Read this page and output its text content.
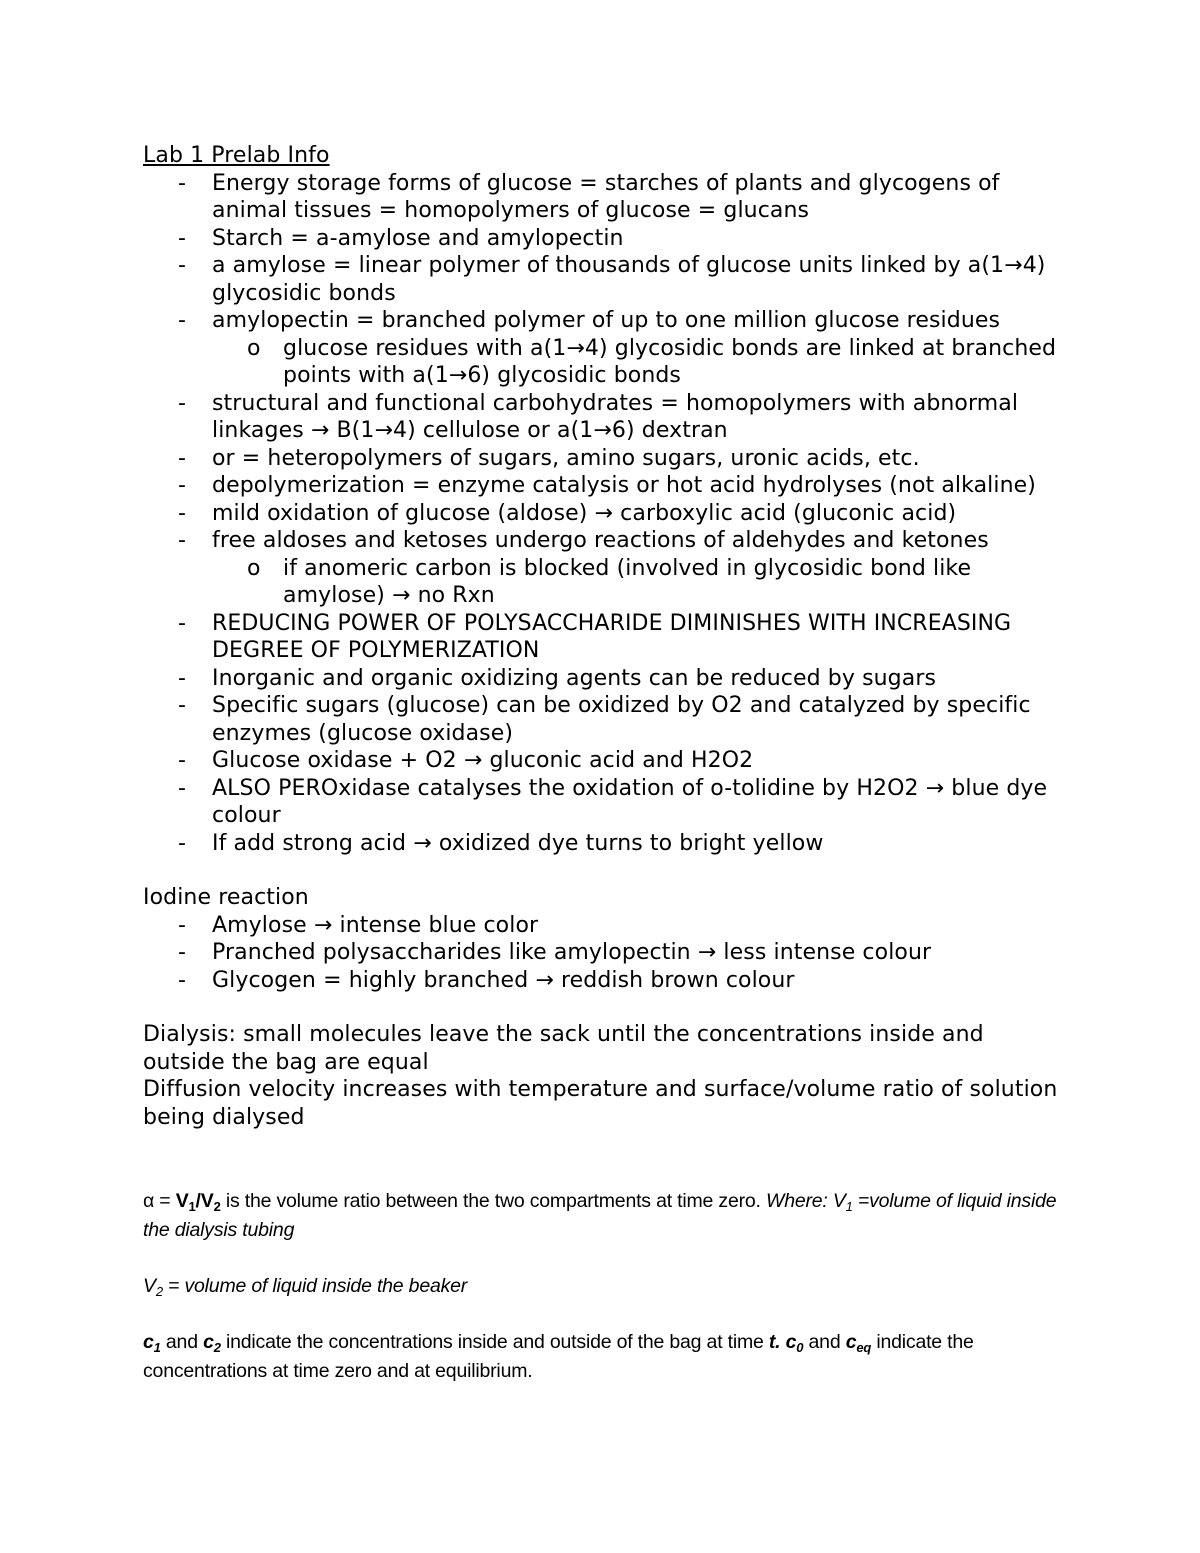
Lab 1 Prelab Info

- Energy storage forms of glucose = starches of plants and glycogens of animal tissues = homopolymers of glucose = glucans
- Starch = a-amylose and amylopectin
- a amylose = linear polymer of thousands of glucose units linked by a(1→4) glycosidic bonds
- amylopectin = branched polymer of up to one million glucose residues
o glucose residues with a(1→4) glycosidic bonds are linked at branched points with a(1→6) glycosidic bonds
- structural and functional carbohydrates = homopolymers with abnormal linkages → B(1→4) cellulose or a(1→6) dextran
- or = heteropolymers of sugars, amino sugars, uronic acids, etc.
- depolymerization = enzyme catalysis or hot acid hydrolyses (not alkaline)
- mild oxidation of glucose (aldose) → carboxylic acid (gluconic acid)
- free aldoses and ketoses undergo reactions of aldehydes and ketones
o if anomeric carbon is blocked (involved in glycosidic bond like amylose) → no Rxn
- REDUCING POWER OF POLYSACCHARIDE DIMINISHES WITH INCREASING DEGREE OF POLYMERIZATION
- Inorganic and organic oxidizing agents can be reduced by sugars
- Specific sugars (glucose) can be oxidized by O2 and catalyzed by specific enzymes (glucose oxidase)
- Glucose oxidase + O2 → gluconic acid and H2O2
- ALSO PEROxidase catalyses the oxidation of o-tolidine by H2O2 → blue dye colour
- If add strong acid → oxidized dye turns to bright yellow

Iodine reaction

- Amylose → intense blue color
- Pranched polysaccharides like amylopectin → less intense colour
- Glycogen = highly branched → reddish brown colour

Dialysis: small molecules leave the sack until the concentrations inside and outside the bag are equal

Diffusion velocity increases with temperature and surface/volume ratio of solution being dialysed

$\alpha = V_1/V_2$ is the volume ratio between the two compartments at time zero. Where: $V_1$ =volume of liquid inside the dialysis tubing

$V_2$ = volume of liquid inside the beaker

$c_1$ and $c_2$ indicate the concentrations inside and outside of the bag at time t. $c_0$ and $c_{eq}$ indicate the concentrations at time zero and at equilibrium.
